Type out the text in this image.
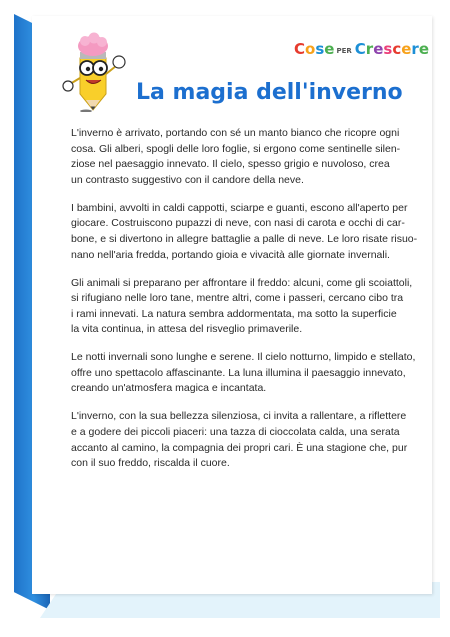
Cose PER Crescere
La magia dell'inverno

L'inverno è arrivato, portando con sé un manto bianco che ricopre ogni
cosa. Gli alberi, spogli delle loro foglie, si ergono come sentinelle silen-
ziose nel paesaggio innevato. Il cielo, spesso grigio e nuvoloso, crea
un contrasto suggestivo con il candore della neve.

I bambini, avvolti in caldi cappotti, sciarpe e guanti, escono all'aperto per
giocare. Costruiscono pupazzi di neve, con nasi di carota e occhi di car-
bone, e si divertono in allegre battaglie a palle di neve. Le loro risate risuo-
nano nell'aria fredda, portando gioia e vivacità alle giornate invernali.

Gli animali si preparano per affrontare il freddo: alcuni, come gli scoiattoli,
si rifugiano nelle loro tane, mentre altri, come i passeri, cercano cibo tra
i rami innevati. La natura sembra addormentata, ma sotto la superficie
la vita continua, in attesa del risveglio primaverile.

Le notti invernali sono lunghe e serene. Il cielo notturno, limpido e stellato,
offre uno spettacolo affascinante. La luna illumina il paesaggio innevato,
creando un'atmosfera magica e incantata.

L'inverno, con la sua bellezza silenziosa, ci invita a rallentare, a riflettere
e a godere dei piccoli piaceri: una tazza di cioccolata calda, una serata
accanto al camino, la compagnia dei propri cari. È una stagione che, pur
con il suo freddo, riscalda il cuore.
